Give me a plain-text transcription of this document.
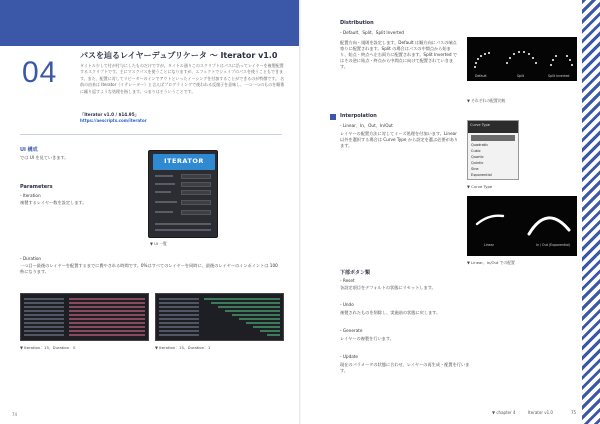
04
パスを辿るレイヤーデュプリケータ ～ Iterator v1.0
タイトル少して付が付与にしたものだけですが、タイトル通りこのスクリプトはパスに沿ってレイヤーを複製配置するスクリプトです。主にマスクパスを使うことになりますが、エフェクトでシェイプのパスを使うこともできます。また、配置に対してリピーターのインでアウトといったイーシングを付加することができるのが特徴です。 名前の由来は Iterator（イテレーター）と言えばプログラミングで使われる反復子を意味し、一つ一つのものを順番に繰り返すような処理を指します。つまりはそういうことです。
「Iterator v1.0 / $14.95」
https://aescripts.com/iterator
UI 構成
では UI を見ていきます。
Parameters
- Iteration
複製するレイヤー数を設定します。
ITERATOR
▼ UI 一覧
- Duration
一つ目～最後のレイヤーを配置するまでに費やされる時間です。0%はすべてのレイヤーを同時に、最後のレイヤーのインポイントは 100 秒になります。
▼ Iteration：15、Duration：0	▼ Iteration：15、Duration：1
74
Distribution
- Default、Split、Split Inverted
配置方向・規則を設定します。Default は順方向にパスの端点寄りに配置されます。Split の場合はパスの中間点から始まり、始点・終点へ左右両方に配置されます。Split Inverted ではその逆に始点・終点から中間点に向けて配置されていきます。
Default	Split	Split Inverted
▼ それぞれの配置比較
Interpolation
- Linear、In、Out、In/Out
レイヤーの配置方法に対してイーズ処理を付加います。Linear 以外を選択する場合は Curve Type から設定を選ぶ必要があります。
Curve Type
Quadratic
Cubic
Quartic
Quintic
Sine
Exponential
▼ Curve Type
Linear	In / Out (Exponential)
▼ Linear、In/Out での配置
下部ボタン類
- Reset
各設定項目をデフォルトの状態にリセットします。
- Undo
複製されたものを削除し、実施前の状態に戻します。
- Generate
レイヤーの複製を行います。
- Update
現在のパラメータの状態に合わせ、レイヤーの再生成・配置を行います。
▼ chapter 4	Iterator v1.0	75
